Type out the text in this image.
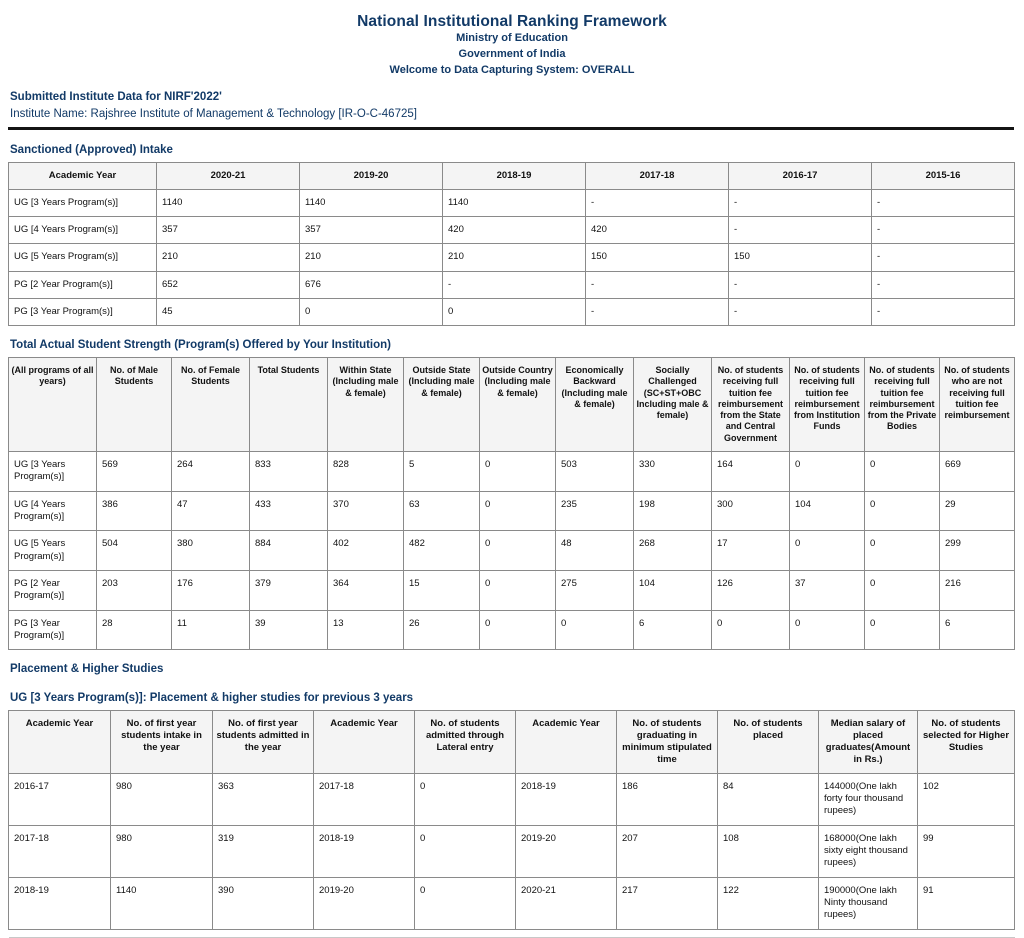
National Institutional Ranking Framework
Ministry of Education
Government of India
Welcome to Data Capturing System: OVERALL
Submitted Institute Data for NIRF'2022'
Institute Name: Rajshree Institute of Management & Technology [IR-O-C-46725]
Sanctioned (Approved) Intake
Academic Year	2020-21	2019-20	2018-19	2017-18	2016-17	2015-16
UG [3 Years Program(s)]	1140	1140	1140	-	-	-
UG [4 Years Program(s)]	357	357	420	420	-	-
UG [5 Years Program(s)]	210	210	210	150	150	-
PG [2 Year Program(s)]	652	676	-	-	-	-
PG [3 Year Program(s)]	45	0	0	-	-	-
Total Actual Student Strength (Program(s) Offered by Your Institution)
(All programs of all years)	No. of Male Students	No. of Female Students	Total Students	Within State (Including male & female)	Outside State (Including male & female)	Outside Country (Including male & female)	Economically Backward (Including male & female)	Socially Challenged (SC+ST+OBC Including male & female)	No. of students receiving full tuition fee reimbursement from the State and Central Government	No. of students receiving full tuition fee reimbursement from Institution Funds	No. of students receiving full tuition fee reimbursement from the Private Bodies	No. of students who are not receiving full tuition fee reimbursement
UG [3 Years Program(s)]	569	264	833	828	5	0	503	330	164	0	0	669
UG [4 Years Program(s)]	386	47	433	370	63	0	235	198	300	104	0	29
UG [5 Years Program(s)]	504	380	884	402	482	0	48	268	17	0	0	299
PG [2 Year Program(s)]	203	176	379	364	15	0	275	104	126	37	0	216
PG [3 Year Program(s)]	28	11	39	13	26	0	0	6	0	0	0	6
Placement & Higher Studies
UG [3 Years Program(s)]: Placement & higher studies for previous 3 years
Academic Year	No. of first year students intake in the year	No. of first year students admitted in the year	Academic Year	No. of students admitted through Lateral entry	Academic Year	No. of students graduating in minimum stipulated time	No. of students placed	Median salary of placed graduates(Amount in Rs.)	No. of students selected for Higher Studies
2016-17	980	363	2017-18	0	2018-19	186	84	144000(One lakh forty four thousand rupees)	102
2017-18	980	319	2018-19	0	2019-20	207	108	168000(One lakh sixty eight thousand rupees)	99
2018-19	1140	390	2019-20	0	2020-21	217	122	190000(One lakh Ninty thousand rupees)	91
